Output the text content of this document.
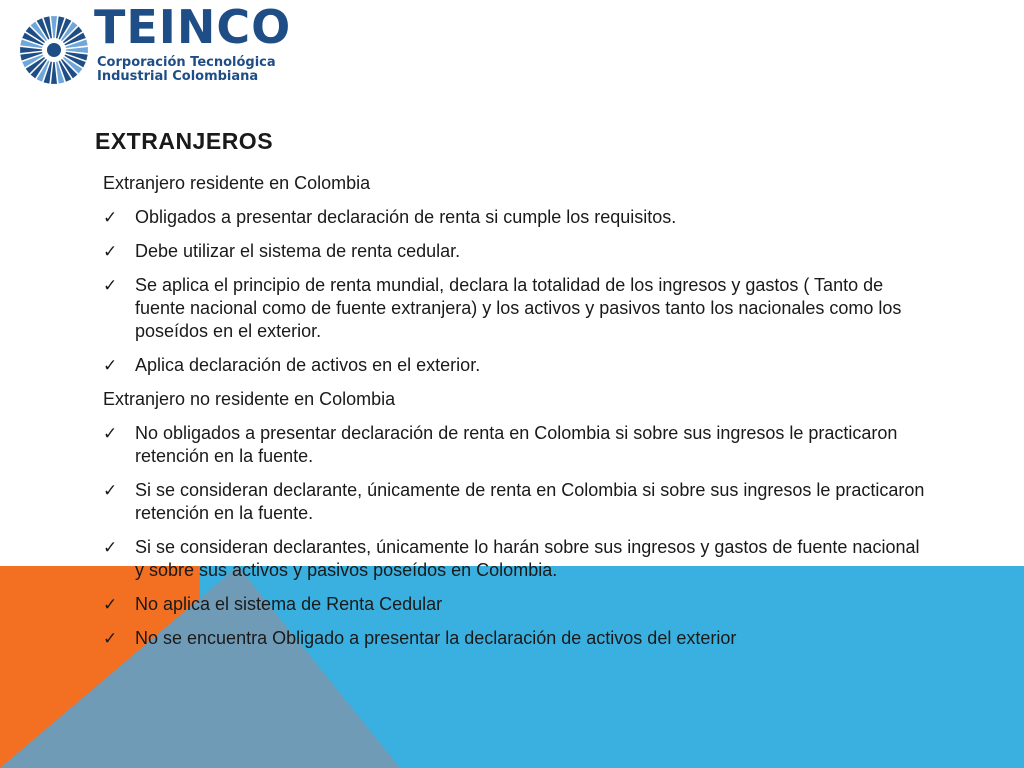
TEINCO
Corporación Tecnológica
Industrial Colombiana
EXTRANJEROS

Extranjero residente en Colombia

✓ Obligados a presentar declaración de renta si cumple los requisitos.
✓ Debe utilizar el sistema de renta cedular.
✓ Se aplica el principio de renta mundial, declara la totalidad de los ingresos y gastos ( Tanto de fuente nacional como de fuente extranjera) y los activos y pasivos tanto los nacionales como los poseídos en el exterior.
✓ Aplica declaración de activos en el exterior.

Extranjero no residente en Colombia

✓ No obligados a presentar declaración de renta en Colombia si sobre sus ingresos le practicaron retención en la fuente.
✓ Si se consideran declarante, únicamente de renta en Colombia si sobre sus ingresos le practicaron retención en la fuente.
✓ Si se consideran declarantes, únicamente lo harán sobre sus ingresos y gastos de fuente nacional y sobre sus activos y pasivos poseídos en Colombia.
✓ No aplica el sistema de Renta Cedular
✓ No se encuentra Obligado a presentar la declaración de activos del exterior
